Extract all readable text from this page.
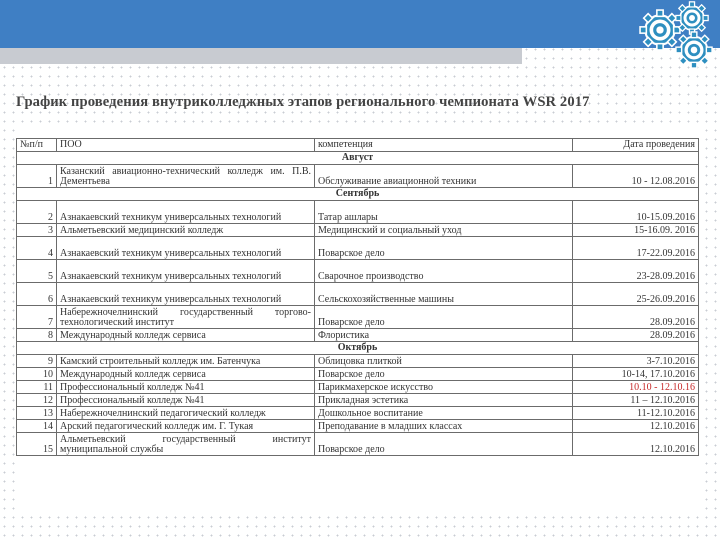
График проведения внутриколледжных этапов регионального чемпионата WSR 2017
№п/п	ПОО	компетенция	Дата проведения
Август			
1	Казанский авиационно-технический колледж им. П.В. Дементьева	Обслуживание авиационной техники	10 - 12.08.2016
Сентябрь			
2	Азнакаевский техникум универсальных технологий	Татар ашлары	10-15.09.2016
3	Альметьевский медицинский колледж	Медицинский и социальный уход	15-16.09. 2016
4	Азнакаевский техникум универсальных технологий	Поварское дело	17-22.09.2016
5	Азнакаевский техникум универсальных технологий	Сварочное производство	23-28.09.2016
6	Азнакаевский техникум универсальных технологий	Сельскохозяйственные машины	25-26.09.2016
7	Набережночелнинский государственный торгово-технологический институт	Поварское дело	28.09.2016
8	Международный колледж сервиса	Флористика	28.09.2016
Октябрь			
9	Камский строительный колледж им. Батенчука	Облицовка плиткой	3-7.10.2016
10	Международный колледж сервиса	Поварское дело	10-14, 17.10.2016
11	Профессиональный колледж №41	Парикмахерское искусство	10.10 - 12.10.16
12	Профессиональный колледж №41	Прикладная эстетика	11 – 12.10.2016
13	Набережночелнинский педагогический колледж	Дошкольное воспитание	11-12.10.2016
14	Арский педагогический колледж им. Г. Тукая	Преподавание в младших классах	12.10.2016
15	Альметьевский государственный институт муниципальной службы	Поварское дело	12.10.2016
